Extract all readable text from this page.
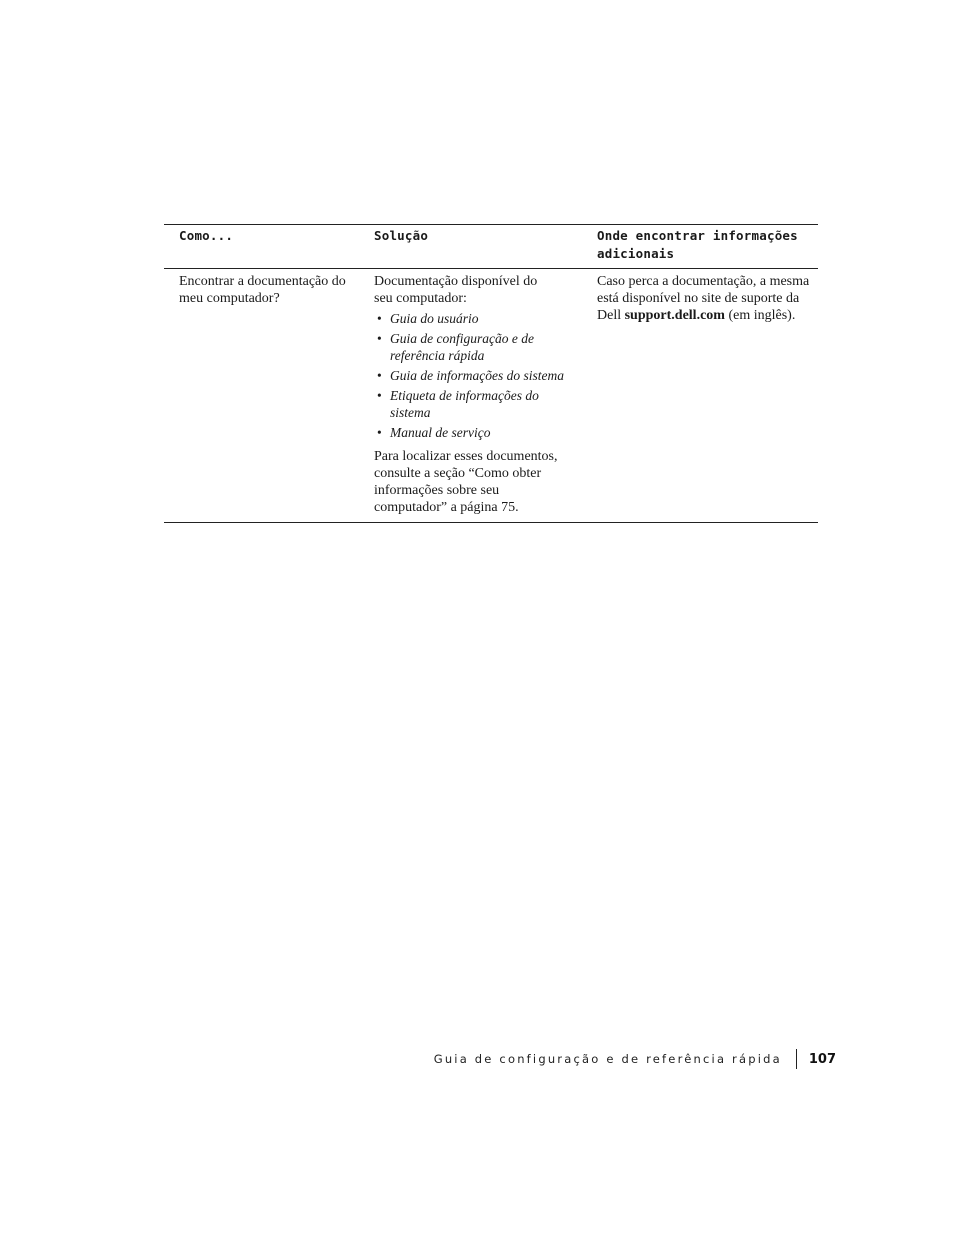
Como...	Solução	Onde encontrar informações adicionais

Encontrar a documentação do meu computador?

Documentação disponível do seu computador:

• Guia do usuário
• Guia de configuração e de referência rápida
• Guia de informações do sistema
• Etiqueta de informações do sistema
• Manual de serviço

Para localizar esses documentos, consulte a seção “Como obter informações sobre seu computador” a página 75.

Caso perca a documentação, a mesma está disponível no site de suporte da Dell support.dell.com (em inglês).

Guia de configuração e de referência rápida 107
